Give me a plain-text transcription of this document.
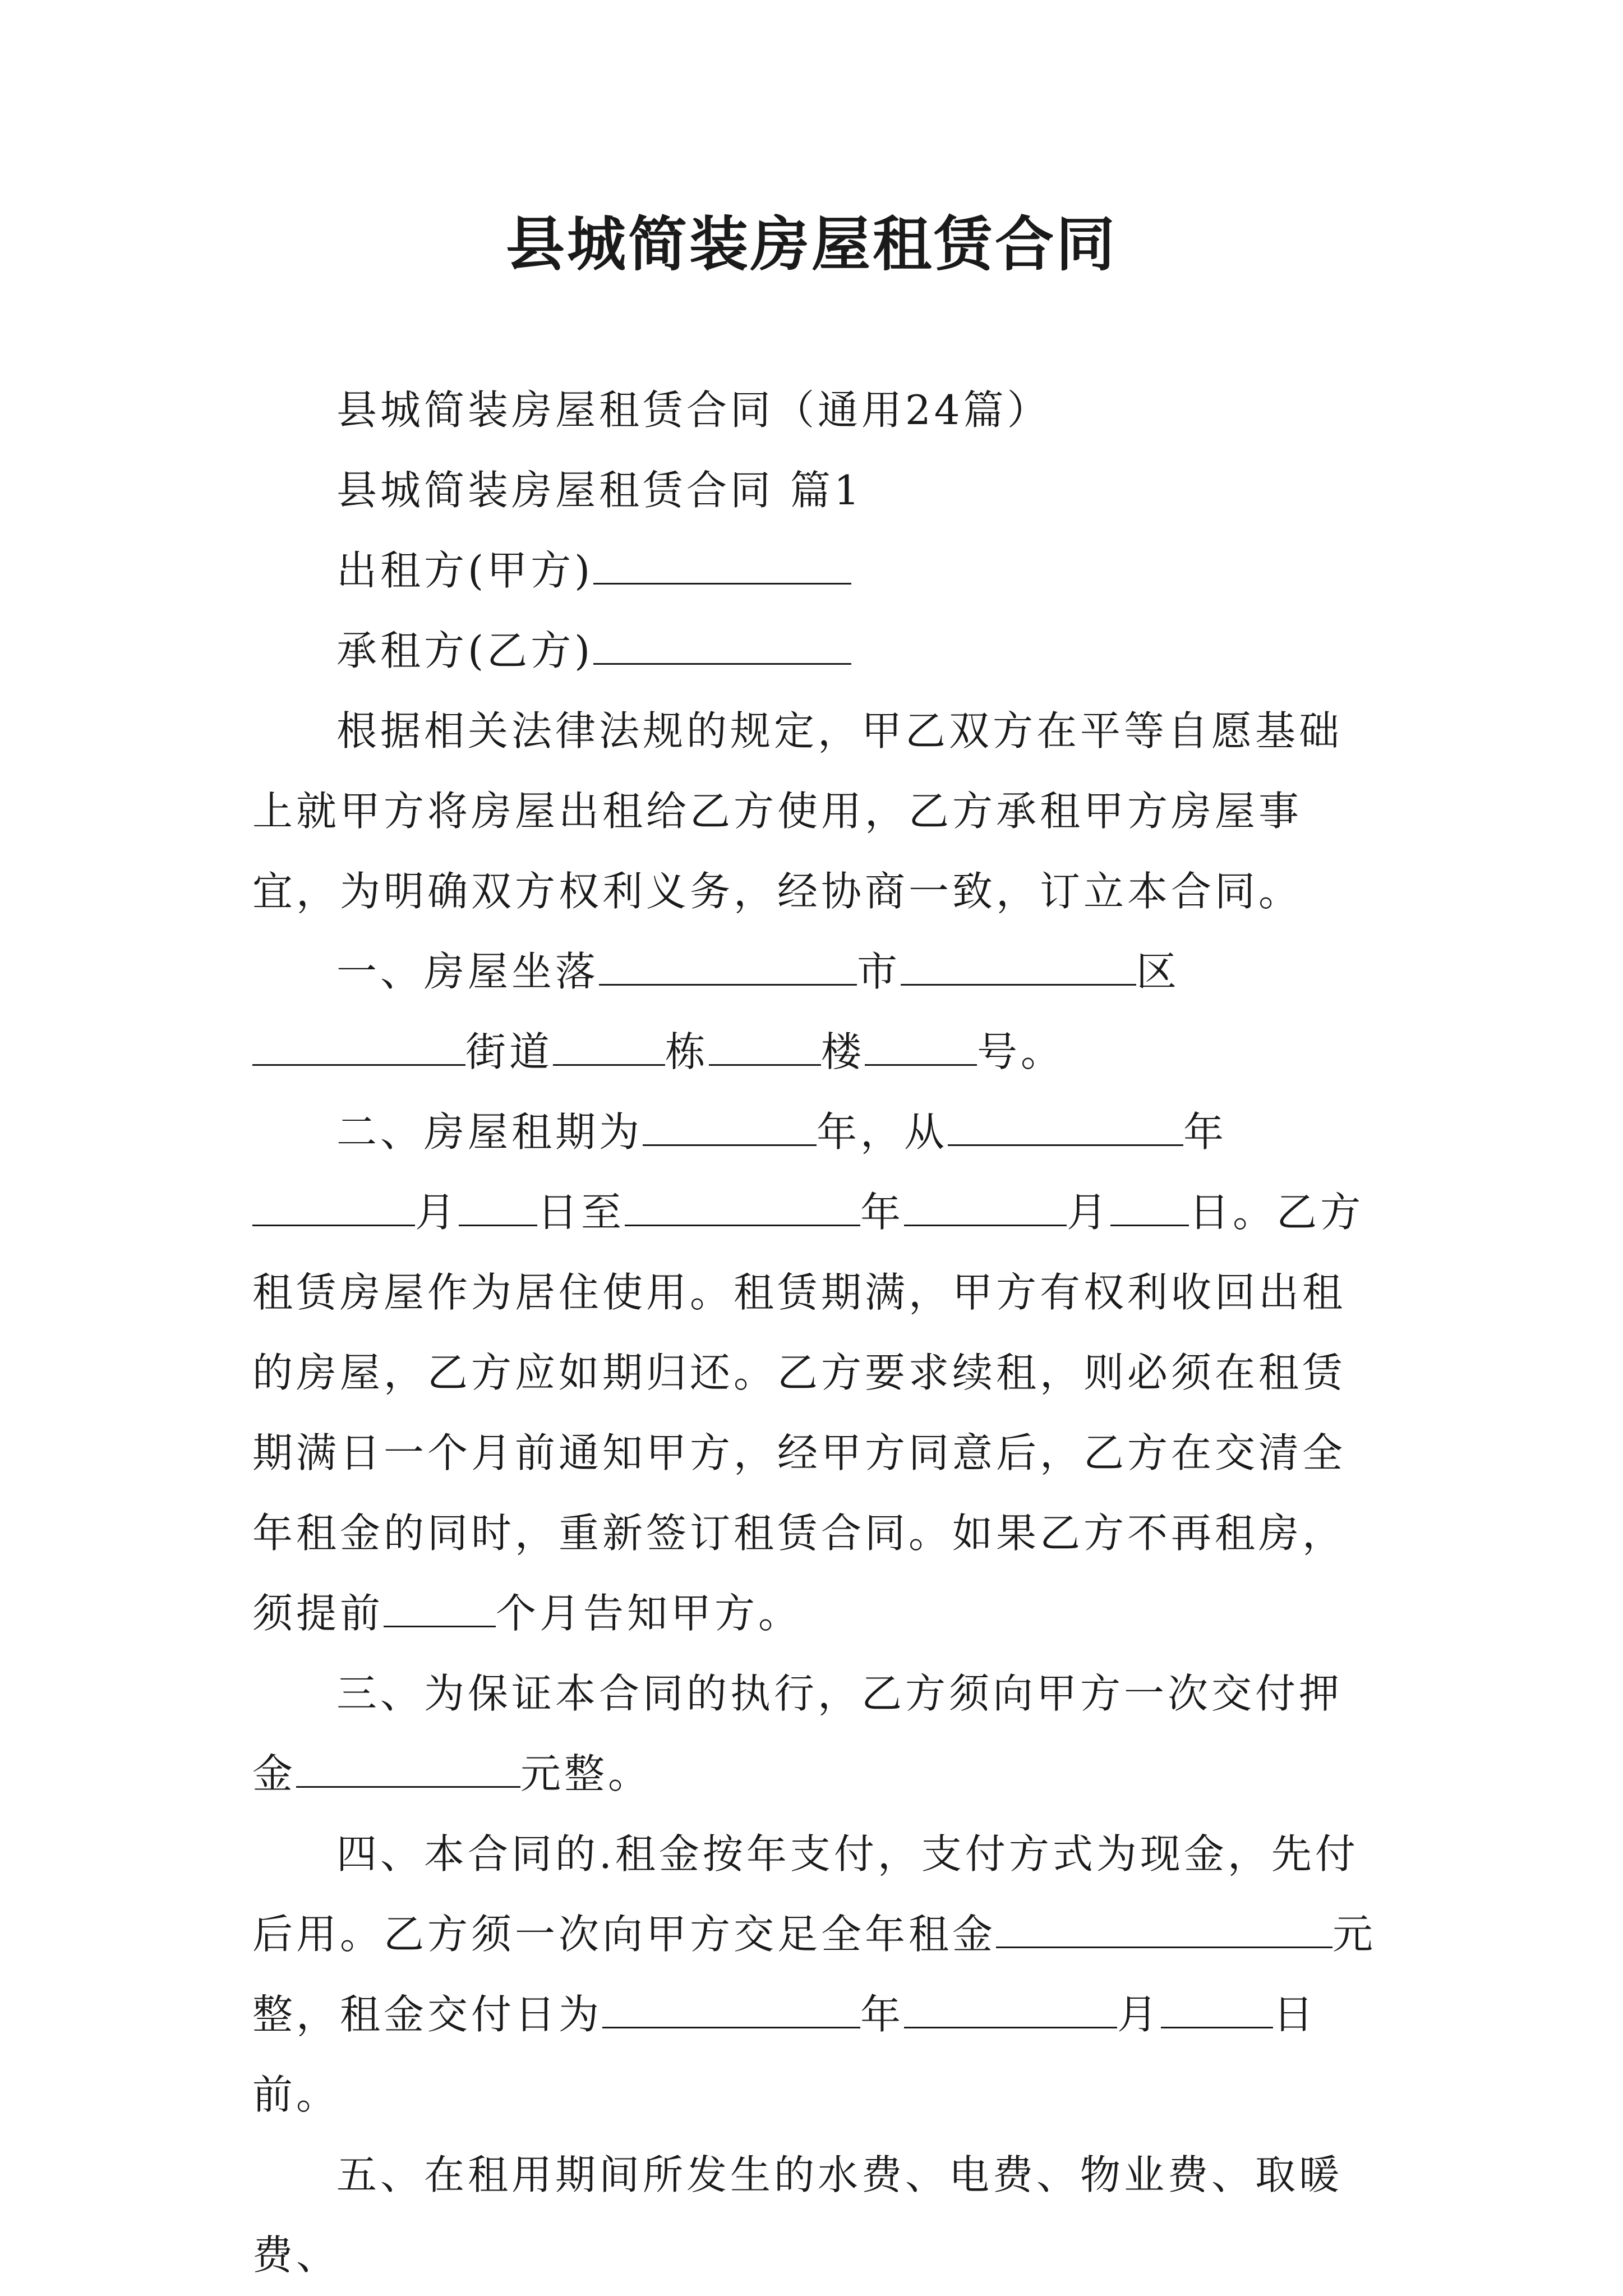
县城简装房屋租赁合同

县城简装房屋租赁合同（通用24篇）

县城简装房屋租赁合同 篇1

出租方(甲方)

承租方(乙方)

根据相关法律法规的规定，甲乙双方在平等自愿基础上就甲方将房屋出租给乙方使用，乙方承租甲方房屋事宜，为明确双方权利义务，经协商一致，订立本合同。

一、房屋坐落	市	区街道	栋	楼	号。

二、房屋租期为	年，从	年月 日至	年	月 日。乙方租赁房屋作为居住使用。租赁期满，甲方有权利收回出租的房屋，乙方应如期归还。乙方要求续租，则必须在租赁期满日一个月前通知甲方，经甲方同意后，乙方在交清全年租金的同时，重新签订租赁合同。如果乙方不再租房，须提前	个月告知甲方。

三、为保证本合同的执行，乙方须向甲方一次交付押金	元整。

四、本合同的.租金按年支付，支付方式为现金，先付后用。乙方须一次向甲方交足全年租金	元整，租金交付日为	年	月	日前。

五、在租用期间所发生的水费、电费、物业费、取暖费、
